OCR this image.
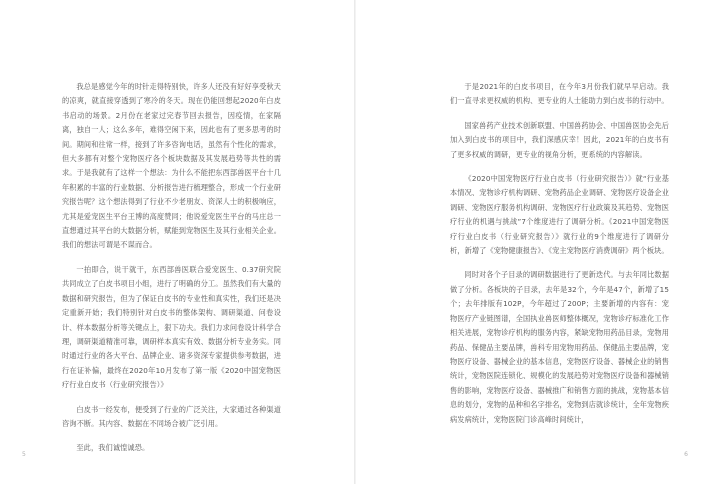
我总是感觉今年的时针走得特别快，许多人还没有好好享受秋天的凉爽，就直接穿透到了寒冷的冬天。现在仍能回想起2020年白皮书启动的场景。2月份在老家过完春节回去报告，因疫情，在家隔离，独自一人；这么多年，难得空闲下来，因此也有了更多思考的时间。期间和往常一样，接到了许多咨询电话，虽然有个性化的需求，但大多都有对整个宠物医疗各个板块数据及其发展趋势等共性的需求。于是我就有了这样一个想法：为什么不能把东西部兽医平台十几年积累的丰富的行业数据、分析报告进行梳理整合，形成一个行业研究报告呢？这个想法得到了行业不少老朋友、资深人士的积极响应，尤其是爱宠医生平台王博的高度赞同；他说爱宠医生平台的马庄总一直想通过其平台的大数据分析，赋能到宠物医生及其行业相关企业。我们的想法可谓是不谋而合。

一拍即合，说干就干，东西部兽医联合爱宠医生、0.37研究院共同成立了白皮书项目小组，进行了明确的分工。虽然我们有大量的数据和研究报告，但为了保证白皮书的专业性和真实性，我们还是决定重新开始；我们特别针对白皮书的整体架构、调研渠道、问卷设计、样本数据分析等关键点上，狠下功夫。我们力求问卷设计科学合理，调研渠道精准可靠，调研样本真实有效、数据分析专业务实。同时通过行业的各大平台、品牌企业、诸多资深专家提供参考数据，进行在证补偏，最终在2020年10月发布了第一版《2020中国宠物医疗行业白皮书（行业研究报告）》

白皮书一经发布，便受到了行业的广泛关注，大家通过各种渠道咨询不断。其内容、数据在不同场合被广泛引用。

至此，我们诚惶诚恐。

5

于是2021年的白皮书项目，在今年3月份我们就早早启动。我们一直寻求更权威的机构、更专业的人士能助力到白皮书的行动中。

国家兽药产业技术创新联盟、中国兽药协会、中国兽医协会先后加入到白皮书的项目中，我们深感庆幸！因此，2021年的白皮书有了更多权威的调研，更专业的视角分析，更系统的内容解读。

《2020中国宠物医疗行业白皮书（行业研究报告）》就“行业基本情况、宠物诊疗机构调研、宠物药品企业调研、宠物医疗设备企业调研、宠物医疗服务机构调研、宠物医疗行业政策及其趋势、宠物医疗行业的机遇与挑战”7个维度进行了调研分析。《2021中国宠物医疗行业白皮书（行业研究报告）》就行业的9个维度进行了调研分析，新增了《宠物健康报告》、《宠主宠物医疗消费调研》两个板块。

同时对各个子目录的调研数据进行了更新迭代。与去年同比数据做了分析。各板块的子目录，去年是32个，今年是47个，新增了15个；去年排版有102P，今年超过了200P；主要新增的内容有：宠物医疗产业链图谱，全国执业兽医师整体概况，宠物诊疗标准化工作相关进展，宠物诊疗机构的服务内容，紧缺宠物用药品目录，宠物用药品、保健品主要品牌，兽科专用宠物用药品、保健品主要品牌，宠物医疗设备、器械企业的基本信息，宠物医疗设备、器械企业的销售统计，宠物医院连锁化、规模化的发展趋势对宠物医疗设备和器械销售的影响，宠物医疗设备、器械推广和销售方面的挑战，宠物基本信息的划分，宠物的品种和名字排名，宠物到店就诊统计，全年宠物疾病发病统计，宠物医院门诊高峰时间统计，

6
